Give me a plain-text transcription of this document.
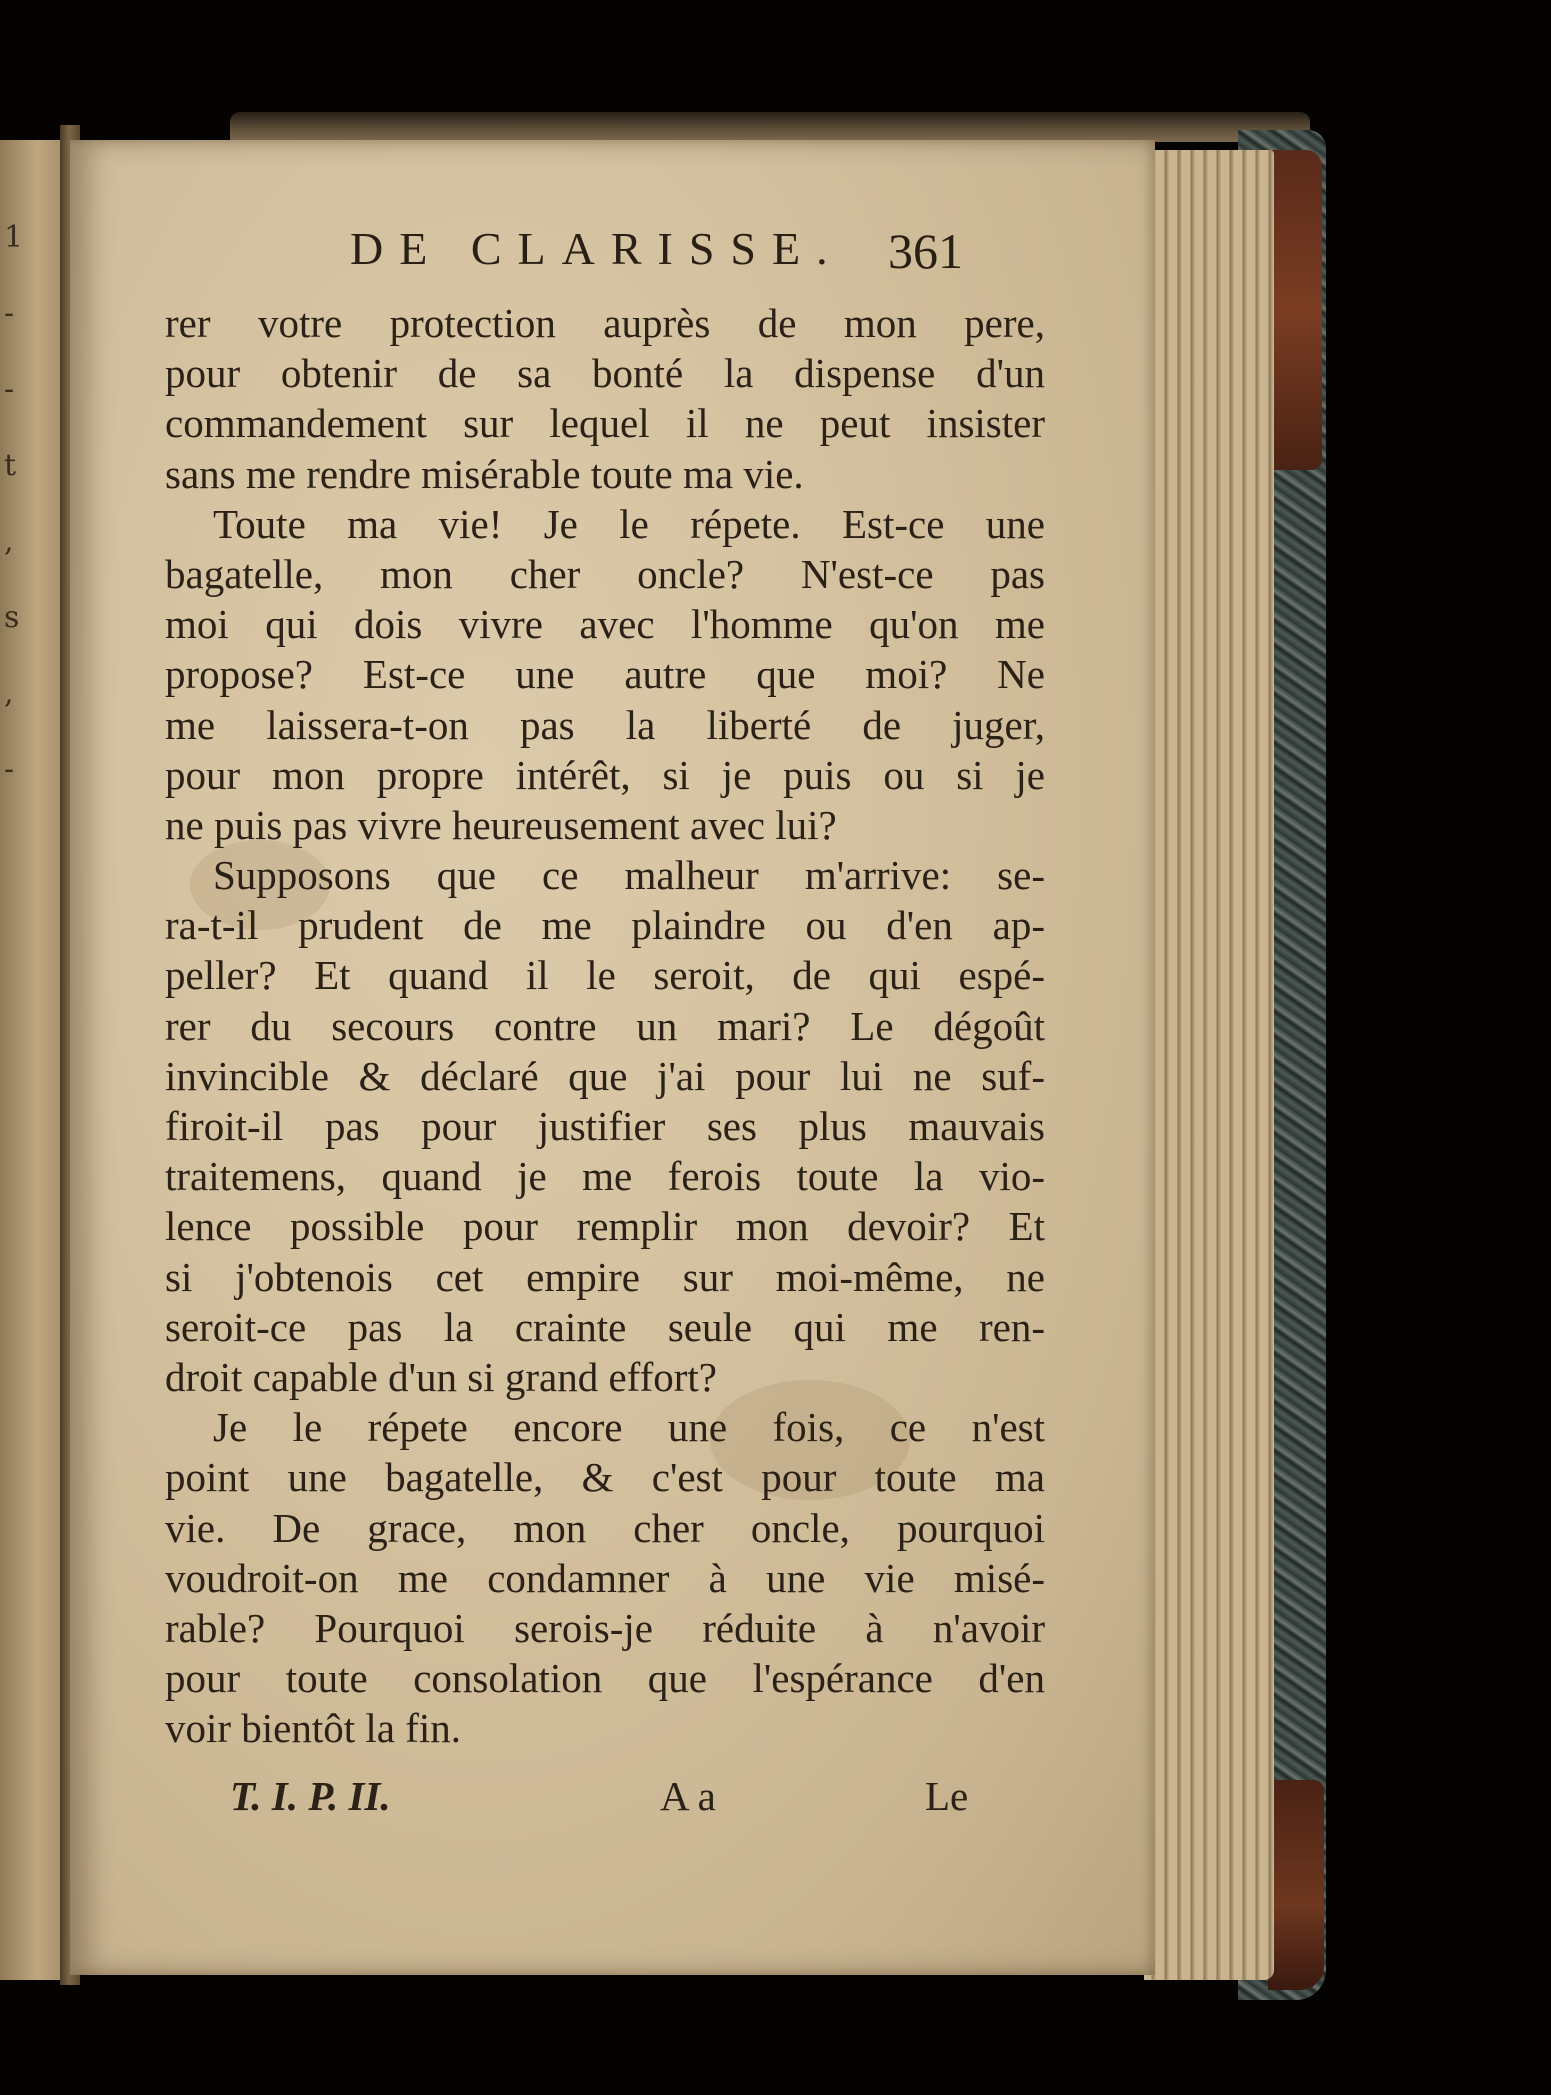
1
-
-
t
,
s
,
-
DE CLARISSE. 361
rer votre protection auprès de mon pere,
pour obtenir de sa bonté la dispense d'un
commandement sur lequel il ne peut insister
sans me rendre misérable toute ma vie.
Toute ma vie! Je le répete. Est-ce une
bagatelle, mon cher oncle? N'est-ce pas
moi qui dois vivre avec l'homme qu'on me
propose? Est-ce une autre que moi? Ne
me laissera-t-on pas la liberté de juger,
pour mon propre intérêt, si je puis ou si je
ne puis pas vivre heureusement avec lui?
Supposons que ce malheur m'arrive: se-
ra-t-il prudent de me plaindre ou d'en ap-
peller? Et quand il le seroit, de qui espé-
rer du secours contre un mari? Le dégoût
invincible & déclaré que j'ai pour lui ne suf-
firoit-il pas pour justifier ses plus mauvais
traitemens, quand je me ferois toute la vio-
lence possible pour remplir mon devoir? Et
si j'obtenois cet empire sur moi-même, ne
seroit-ce pas la crainte seule qui me ren-
droit capable d'un si grand effort?
Je le répete encore une fois, ce n'est
point une bagatelle, & c'est pour toute ma
vie. De grace, mon cher oncle, pourquoi
voudroit-on me condamner à une vie misé-
rable? Pourquoi serois-je réduite à n'avoir
pour toute consolation que l'espérance d'en
voir bientôt la fin.
T. I. P. II.	A a	Le
